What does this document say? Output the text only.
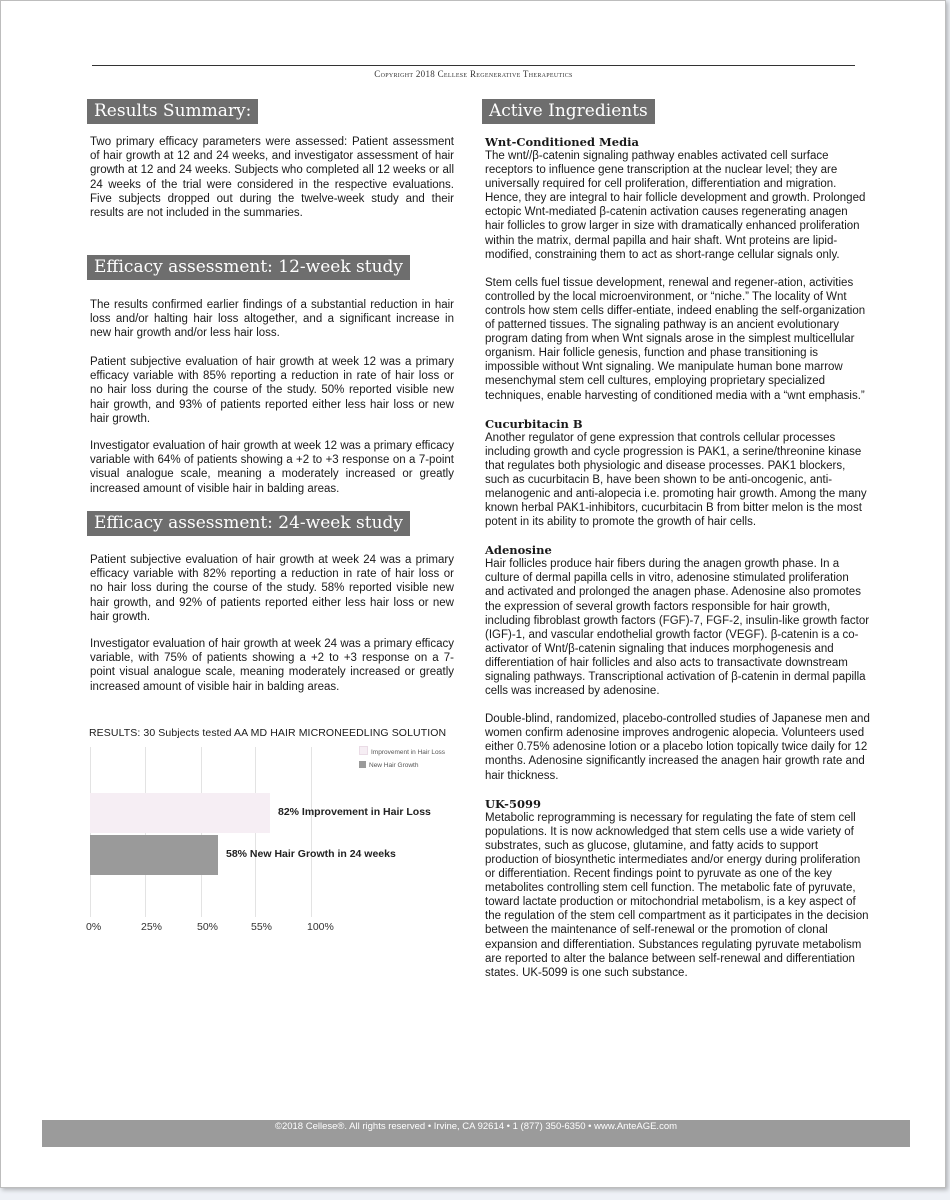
Copyright 2018 Cellese Regenerative Therapeutics
Results Summary:

Two primary efficacy parameters were assessed: Patient assessment of hair growth at 12 and 24 weeks, and investigator assessment of hair growth at 12 and 24 weeks. Subjects who completed all 12 weeks or all 24 weeks of the trial were considered in the respective evaluations. Five subjects dropped out during the twelve-week study and their results are not included in the summaries.

Efficacy assessment: 12-week study

The results confirmed earlier findings of a substantial reduction in hair loss and/or halting hair loss altogether, and a significant increase in new hair growth and/or less hair loss.

Patient subjective evaluation of hair growth at week 12 was a primary efficacy variable with 85% reporting a reduction in rate of hair loss or no hair loss during the course of the study. 50% reported visible new hair growth, and 93% of patients reported either less hair loss or new hair growth.

Investigator evaluation of hair growth at week 12 was a primary efficacy variable with 64% of patients showing a +2 to +3 response on a 7-point visual analogue scale, meaning a moderately increased or greatly increased amount of visible hair in balding areas.

Efficacy assessment: 24-week study

Patient subjective evaluation of hair growth at week 24 was a primary efficacy variable with 82% reporting a reduction in rate of hair loss or no hair loss during the course of the study. 58% reported visible new hair growth, and 92% of patients reported either less hair loss or new hair growth.

Investigator evaluation of hair growth at week 24 was a primary efficacy variable, with 75% of patients showing a +2 to +3 response on a 7-point visual analogue scale, meaning moderately increased or greatly increased amount of visible hair in balding areas.

RESULTS: 30 Subjects tested AA MD HAIR MICRONEEDLING SOLUTION
Improvement in Hair Loss
New Hair Growth
82% Improvement in Hair Loss
58% New Hair Growth in 24 weeks
0%	25%	50%	55%	100%
Active Ingredients
Wnt-Conditioned Media

The wnt//β-catenin signaling pathway enables activated cell surface receptors to influence gene transcription at the nuclear level; they are universally required for cell proliferation, differentiation and migration. Hence, they are integral to hair follicle development and growth. Prolonged ectopic Wnt-mediated β-catenin activation causes regenerating anagen hair follicles to grow larger in size with dramatically enhanced proliferation within the matrix, dermal papilla and hair shaft. Wnt proteins are lipid-modified, constraining them to act as short-range cellular signals only.

Stem cells fuel tissue development, renewal and regener-ation, activities controlled by the local microenvironment, or “niche.” The locality of Wnt controls how stem cells differ-entiate, indeed enabling the self-organization of patterned tissues. The signaling pathway is an ancient evolutionary program dating from when Wnt signals arose in the simplest multicellular organism. Hair follicle genesis, function and phase transitioning is impossible without Wnt signaling. We manipulate human bone marrow mesenchymal stem cell cultures, employing proprietary specialized techniques, enable harvesting of conditioned media with a “wnt emphasis.”

Cucurbitacin B

Another regulator of gene expression that controls cellular processes including growth and cycle progression is PAK1, a serine/threonine kinase that regulates both physiologic and disease processes. PAK1 blockers, such as cucurbitacin B, have been shown to be anti-oncogenic, anti-melanogenic and anti-alopecia i.e. promoting hair growth. Among the many known herbal PAK1-inhibitors, cucurbitacin B from bitter melon is the most potent in its ability to promote the growth of hair cells.

Adenosine

Hair follicles produce hair fibers during the anagen growth phase. In a culture of dermal papilla cells in vitro, adenosine stimulated proliferation and activated and prolonged the anagen phase. Adenosine also promotes the expression of several growth factors responsible for hair growth, including fibroblast growth factors (FGF)-7, FGF-2, insulin-like growth factor (IGF)-1, and vascular endothelial growth factor (VEGF). β-catenin is a co-activator of Wnt/β-catenin signaling that induces morphogenesis and differentiation of hair follicles and also acts to transactivate downstream signaling pathways. Transcriptional activation of β-catenin in dermal papilla cells was increased by adenosine.

Double-blind, randomized, placebo-controlled studies of Japanese men and women confirm adenosine improves androgenic alopecia. Volunteers used either 0.75% adenosine lotion or a placebo lotion topically twice daily for 12 months. Adenosine significantly increased the anagen hair growth rate and hair thickness.

UK-5099

Metabolic reprogramming is necessary for regulating the fate of stem cell populations. It is now acknowledged that stem cells use a wide variety of substrates, such as glucose, glutamine, and fatty acids to support production of biosynthetic intermediates and/or energy during proliferation or differentiation. Recent findings point to pyruvate as one of the key metabolites controlling stem cell function. The metabolic fate of pyruvate, toward lactate production or mitochondrial metabolism, is a key aspect of the regulation of the stem cell compartment as it participates in the decision between the maintenance of self-renewal or the promotion of clonal expansion and differentiation. Substances regulating pyruvate metabolism are reported to alter the balance between self-renewal and differentiation states. UK-5099 is one such substance.

©2018 Cellese®. All rights reserved • Irvine, CA 92614 • 1 (877) 350-6350 • www.AnteAGE.com
